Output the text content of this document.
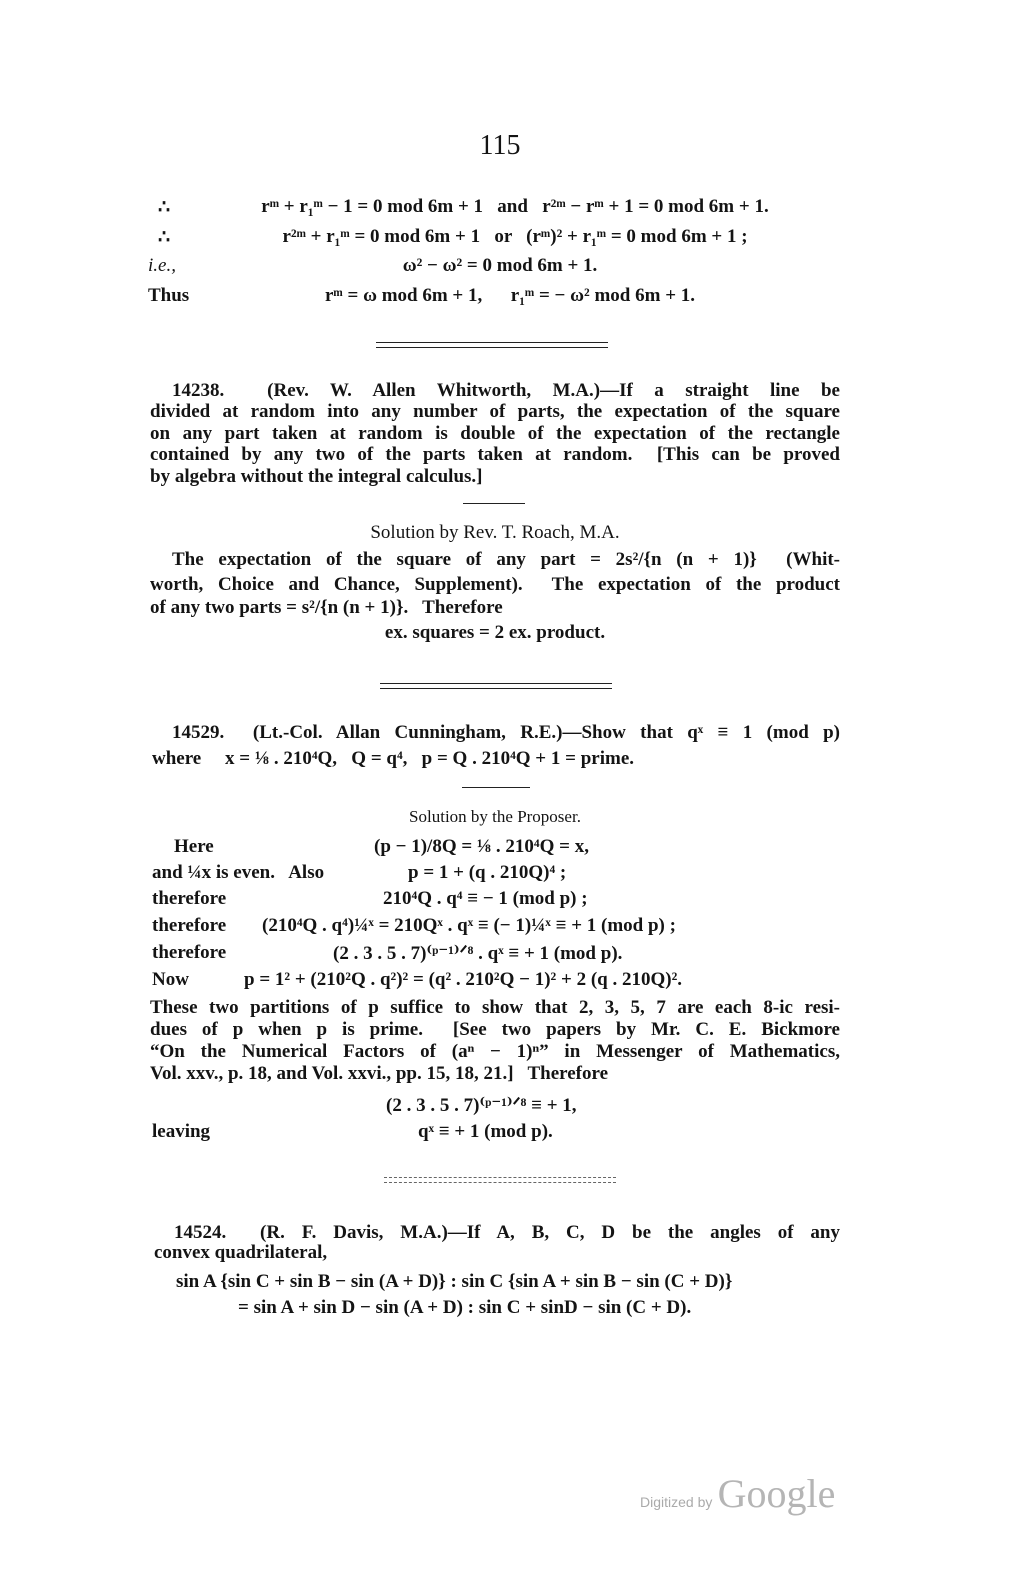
115
∴	rᵐ + r₁ᵐ − 1 = 0 mod 6m + 1   and   r²ᵐ − rᵐ + 1 = 0 mod 6m + 1.
∴	r²ᵐ + r₁ᵐ = 0 mod 6m + 1   or   (rᵐ)² + r₁ᵐ = 0 mod 6m + 1 ;
i.e.,	ω² − ω² = 0 mod 6m + 1.
Thus	rᵐ = ω mod 6m + 1,      r₁ᵐ = − ω² mod 6m + 1.
14238.  (Rev. W. Allen Whitworth, M.A.)—If a straight line be
divided at random into any number of parts, the expectation of the square
on any part taken at random is double of the expectation of the rectangle
contained by any two of the parts taken at random.  [This can be proved
by algebra without the integral calculus.]
Solution by Rev. T. Roach, M.A.
The expectation of the square of any part = 2s²/{n (n + 1)}  (Whit-
worth, Choice and Chance, Supplement).  The expectation of the product
of any two parts = s²/{n (n + 1)}.   Therefore
ex. squares = 2 ex. product.
14529.  (Lt.-Col. Allan Cunningham, R.E.)—Show that qˣ ≡ 1 (mod p)
where     x = ⅛ . 210⁴Q,   Q = q⁴,   p = Q . 210⁴Q + 1 = prime.
Solution by the Proposer.
Here	(p − 1)/8Q = ⅛ . 210⁴Q = x,
and ¼x is even.   Also	p = 1 + (q . 210Q)⁴ ;
therefore	210⁴Q . q⁴ ≡ − 1 (mod p) ;
therefore (210⁴Q . q⁴)¼ˣ = 210Qˣ . qˣ ≡ (− 1)¼ˣ ≡ + 1 (mod p) ;
therefore	(2 . 3 . 5 . 7)⁽ᵖ⁻¹⁾ᐟ⁸ . qˣ ≡ + 1 (mod p).
Now	p = 1² + (210²Q . q²)² = (q² . 210²Q − 1)² + 2 (q . 210Q)².
These two partitions of p suffice to show that 2, 3, 5, 7 are each 8-ic resi-
dues of p when p is prime.  [See two papers by Mr. C. E. Bickmore
“On the Numerical Factors of (aⁿ − 1)ⁿ” in Messenger of Mathematics,
Vol. xxv., p. 18, and Vol. xxvi., pp. 15, 18, 21.]   Therefore
(2 . 3 . 5 . 7)⁽ᵖ⁻¹⁾ᐟ⁸ ≡ + 1,
leaving	qˣ ≡ + 1 (mod p).
14524.  (R. F. Davis, M.A.)—If A, B, C, D be the angles of any
convex quadrilateral,
sin A {sin C + sin B − sin (A + D)} : sin C {sin A + sin B − sin (C + D)}
= sin A + sin D − sin (A + D) : sin C + sinD − sin (C + D).
Digitized by Google
